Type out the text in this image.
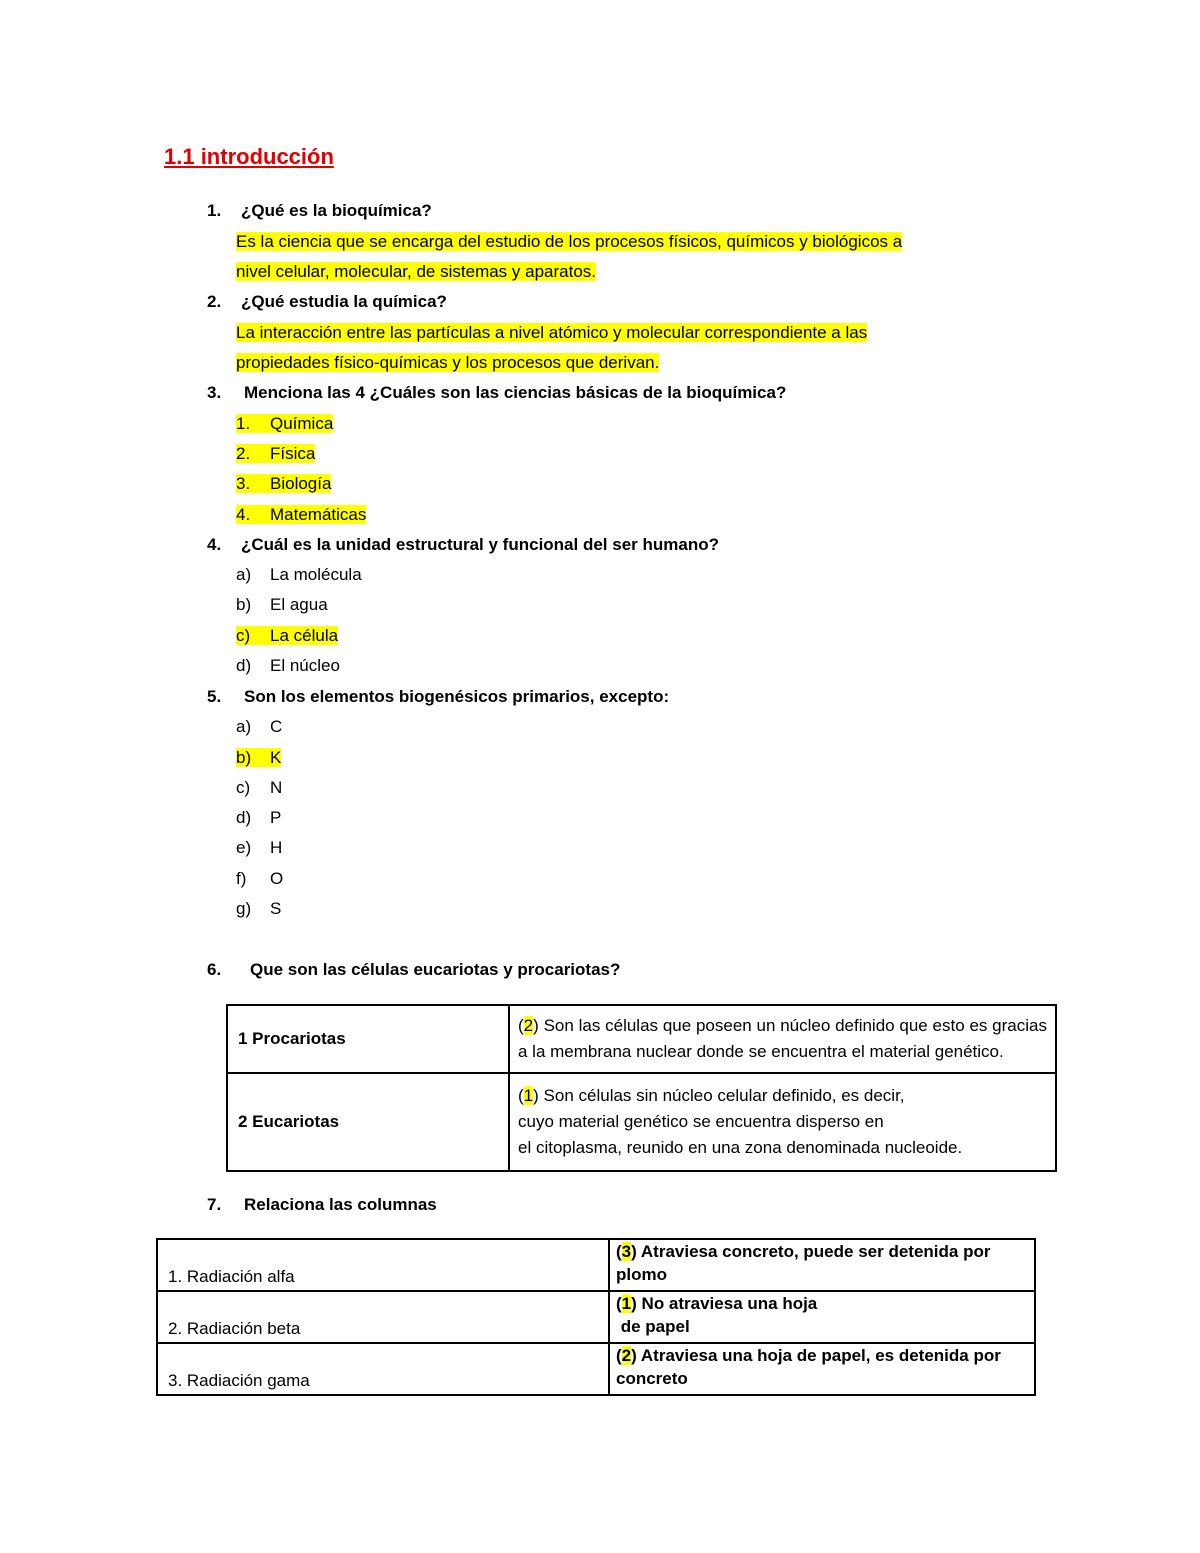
1.1 introducción
1. ¿Qué es la bioquímica?
Es la ciencia que se encarga del estudio de los procesos físicos, químicos y biológicos a
nivel celular, molecular, de sistemas y aparatos.
2. ¿Qué estudia la química?
La interacción entre las partículas a nivel atómico y molecular correspondiente a las
propiedades físico-químicas y los procesos que derivan.
3. Menciona las 4 ¿Cuáles son las ciencias básicas de la bioquímica?
1. Química
2. Física
3. Biología
4. Matemáticas
4. ¿Cuál es la unidad estructural y funcional del ser humano?
a) La molécula
b) El agua
c) La célula
d) El núcleo
5. Son los elementos biogenésicos primarios, excepto:
a) C
b) K
c) N
d) P
e) H
f) O
g) S
6. Que son las células eucariotas y procariotas?
1 Procariotas	(2) Son las células que poseen un núcleo definido que esto es gracias a la membrana nuclear donde se encuentra el material genético.
2 Eucariotas	(1) Son células sin núcleo celular definido, es decir,
cuyo material genético se encuentra disperso en
el citoplasma, reunido en una zona denominada nucleoide.
7. Relaciona las columnas
1. Radiación alfa	(3) Atraviesa concreto, puede ser detenida por
plomo

2. Radiación beta	(1) No atraviesa una hoja
de papel

3. Radiación gama	(2) Atraviesa una hoja de papel, es detenida por
concreto
